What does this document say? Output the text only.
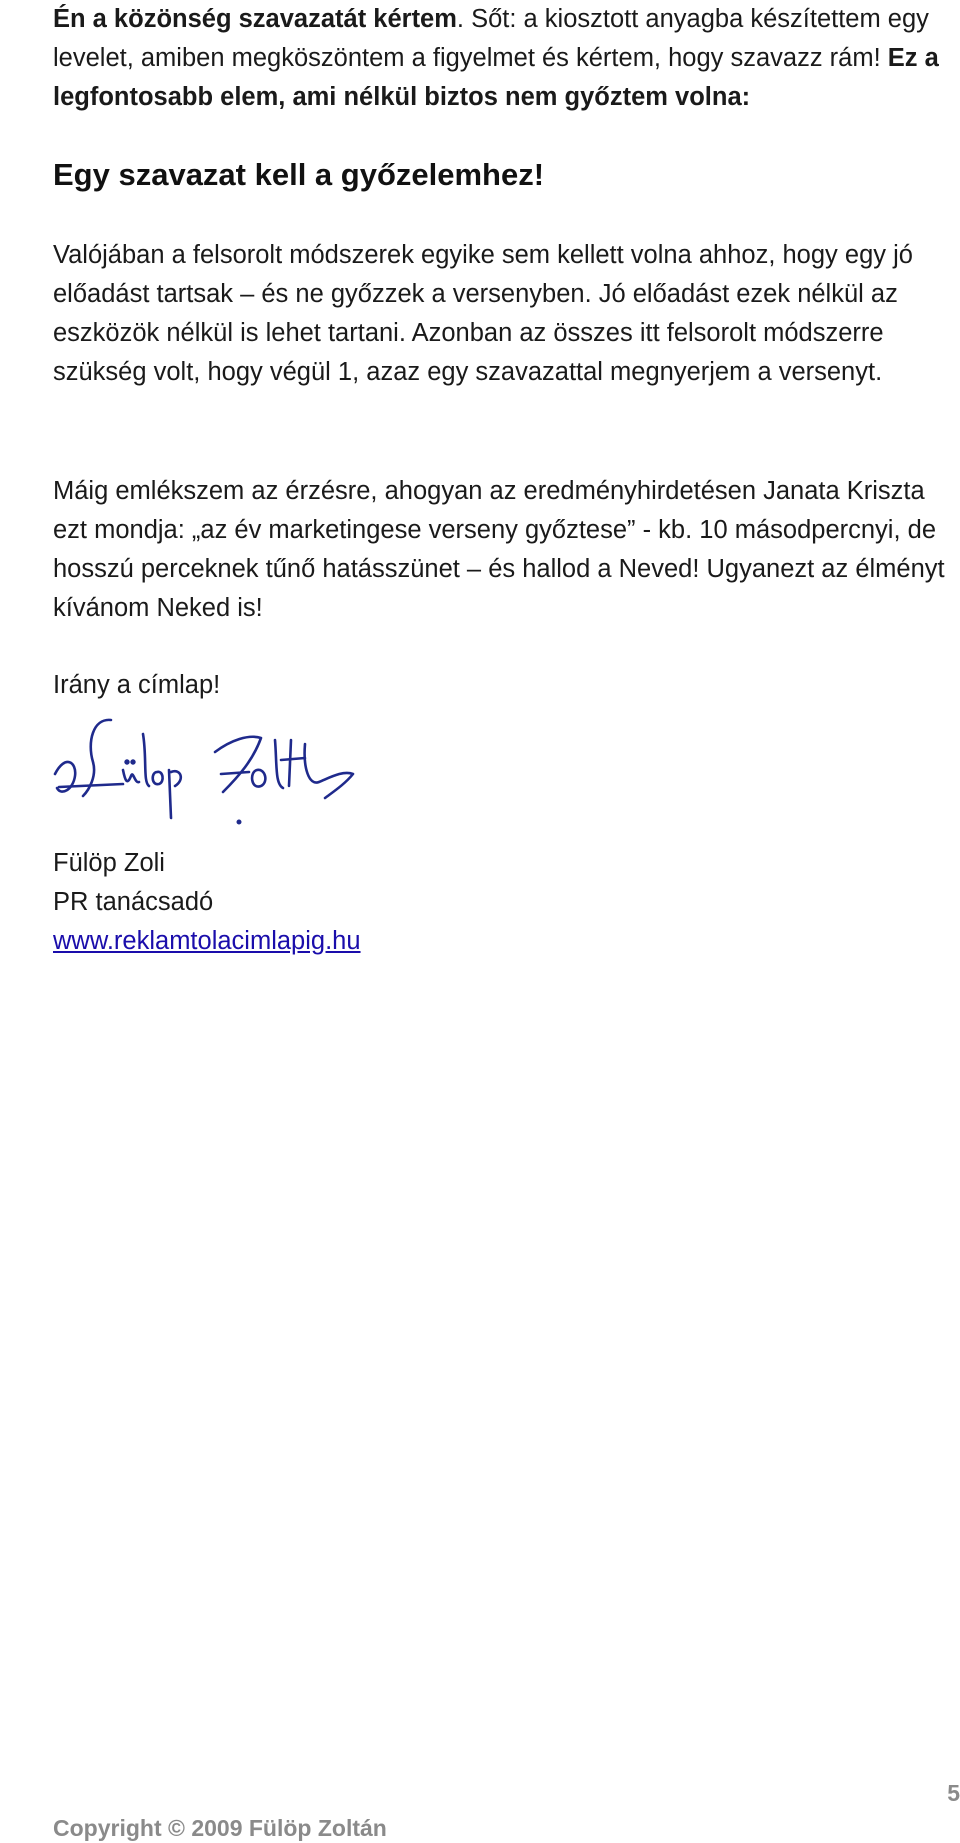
Én a közönség szavazatát kértem. Sőt: a kiosztott anyagba készítettem egy levelet, amiben megköszöntem a figyelmet és kértem, hogy szavazz rám! Ez a legfontosabb elem, ami nélkül biztos nem győztem volna:

Egy szavazat kell a győzelemhez!

Valójában a felsorolt módszerek egyike sem kellett volna ahhoz, hogy egy jó előadást tartsak – és ne győzzek a versenyben. Jó előadást ezek nélkül az eszközök nélkül is lehet tartani. Azonban az összes itt felsorolt módszerre szükség volt, hogy végül 1, azaz egy szavazattal megnyerjem a versenyt.

Máig emlékszem az érzésre, ahogyan az eredményhirdetésen Janata Kriszta ezt mondja: „az év marketingese verseny győztese” - kb. 10 másodpercnyi, de hosszú perceknek tűnő hatásszünet – és hallod a Neved! Ugyanezt az élményt kívánom Neked is!

Irány a címlap!

Fülöp Zoli

PR tanácsadó

www.reklamtolacimlapig.hu

5

Copyright © 2009 Fülöp Zoltán
